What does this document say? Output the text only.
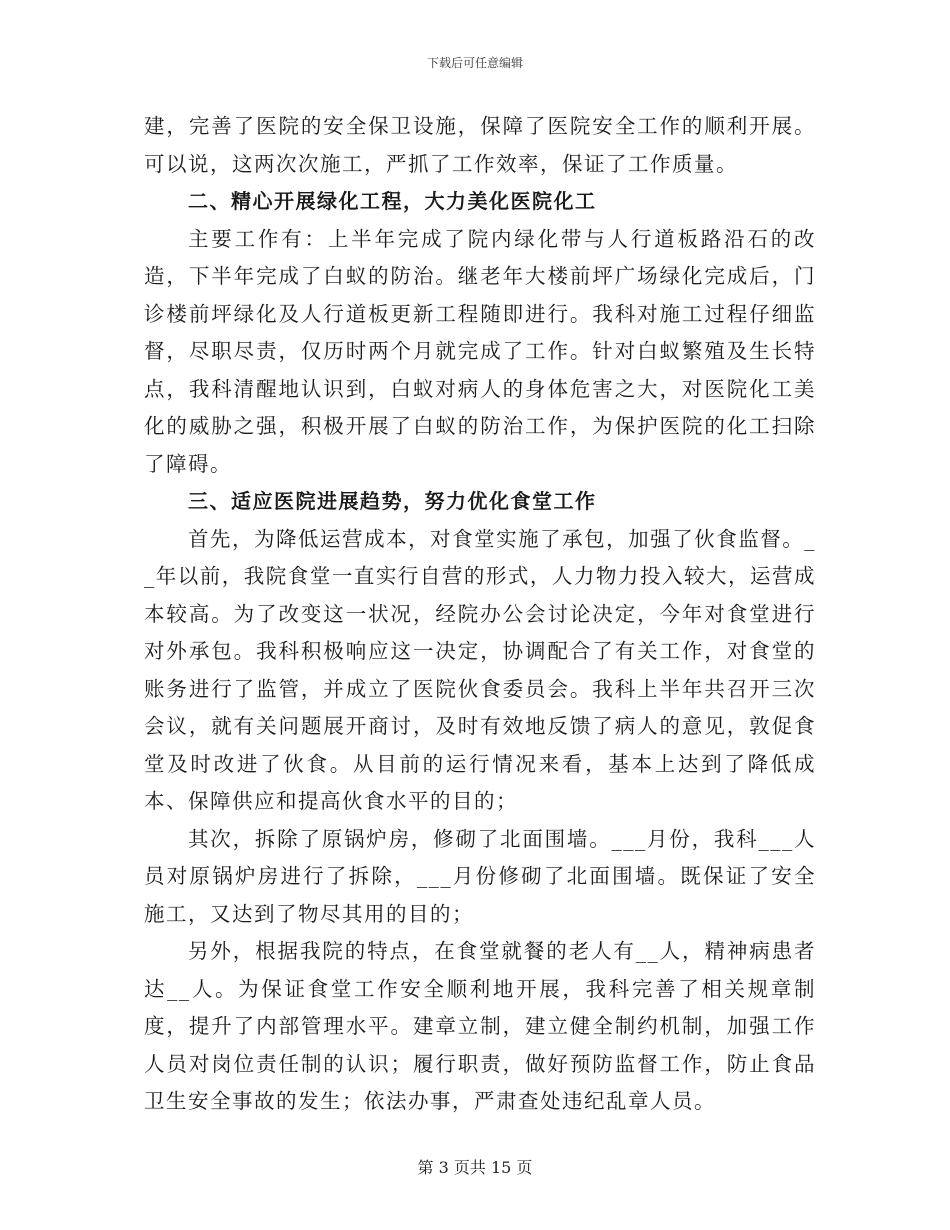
下载后可任意编辑

建，完善了医院的安全保卫设施，保障了医院安全工作的顺利开展。可以说，这两次次施工，严抓了工作效率，保证了工作质量。

二、精心开展绿化工程，大力美化医院化工

主要工作有：上半年完成了院内绿化带与人行道板路沿石的改造，下半年完成了白蚁的防治。继老年大楼前坪广场绿化完成后，门诊楼前坪绿化及人行道板更新工程随即进行。我科对施工过程仔细监督，尽职尽责，仅历时两个月就完成了工作。针对白蚁繁殖及生长特点，我科清醒地认识到，白蚁对病人的身体危害之大，对医院化工美化的威胁之强，积极开展了白蚁的防治工作，为保护医院的化工扫除了障碍。

三、适应医院进展趋势，努力优化食堂工作

首先，为降低运营成本，对食堂实施了承包，加强了伙食监督。__年以前，我院食堂一直实行自营的形式，人力物力投入较大，运营成本较高。为了改变这一状况，经院办公会讨论决定，今年对食堂进行对外承包。我科积极响应这一决定，协调配合了有关工作，对食堂的账务进行了监管，并成立了医院伙食委员会。我科上半年共召开三次会议，就有关问题展开商讨，及时有效地反馈了病人的意见，敦促食堂及时改进了伙食。从目前的运行情况来看，基本上达到了降低成本、保障供应和提高伙食水平的目的；

其次，拆除了原锅炉房，修砌了北面围墙。___月份，我科___人员对原锅炉房进行了拆除，___月份修砌了北面围墙。既保证了安全施工，又达到了物尽其用的目的；

另外，根据我院的特点，在食堂就餐的老人有__人，精神病患者达__人。为保证食堂工作安全顺利地开展，我科完善了相关规章制度，提升了内部管理水平。建章立制，建立健全制约机制，加强工作人员对岗位责任制的认识；履行职责，做好预防监督工作，防止食品卫生安全事故的发生；依法办事，严肃查处违纪乱章人员。

第 3 页共 15 页
